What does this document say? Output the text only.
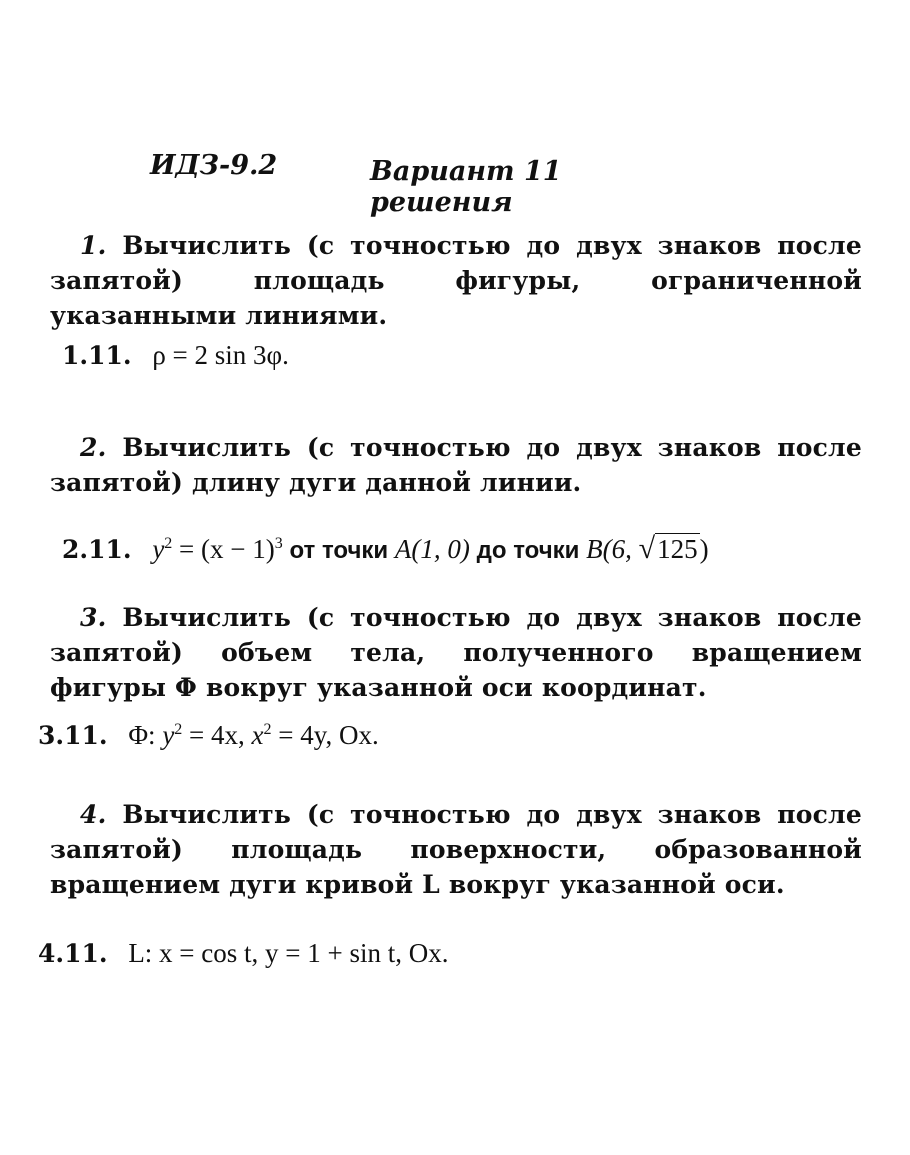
ИДЗ-9.2	Вариант 11 решения
1. Вычислить (с точностью до двух знаков после запятой) площадь фигуры, ограниченной указанными линиями.
1.11. ρ = 2 sin 3φ.
2. Вычислить (с точностью до двух знаков после запятой) длину дуги данной линии.
2.11. $y^2 = (x - 1)^3$ от точки A(1, 0) до точки B(6, √125)
3. Вычислить (с точностью до двух знаков после запятой) объем тела, полученного вращением фигуры Φ вокруг указанной оси координат.
3.11. Φ: $y^2 = 4x$, $x^2 = 4y$, Ox.
4. Вычислить (с точностью до двух знаков после запятой) площадь поверхности, образованной вращением дуги кривой L вокруг указанной оси.
4.11. L: x = cos t, y = 1 + sin t, Ox.
